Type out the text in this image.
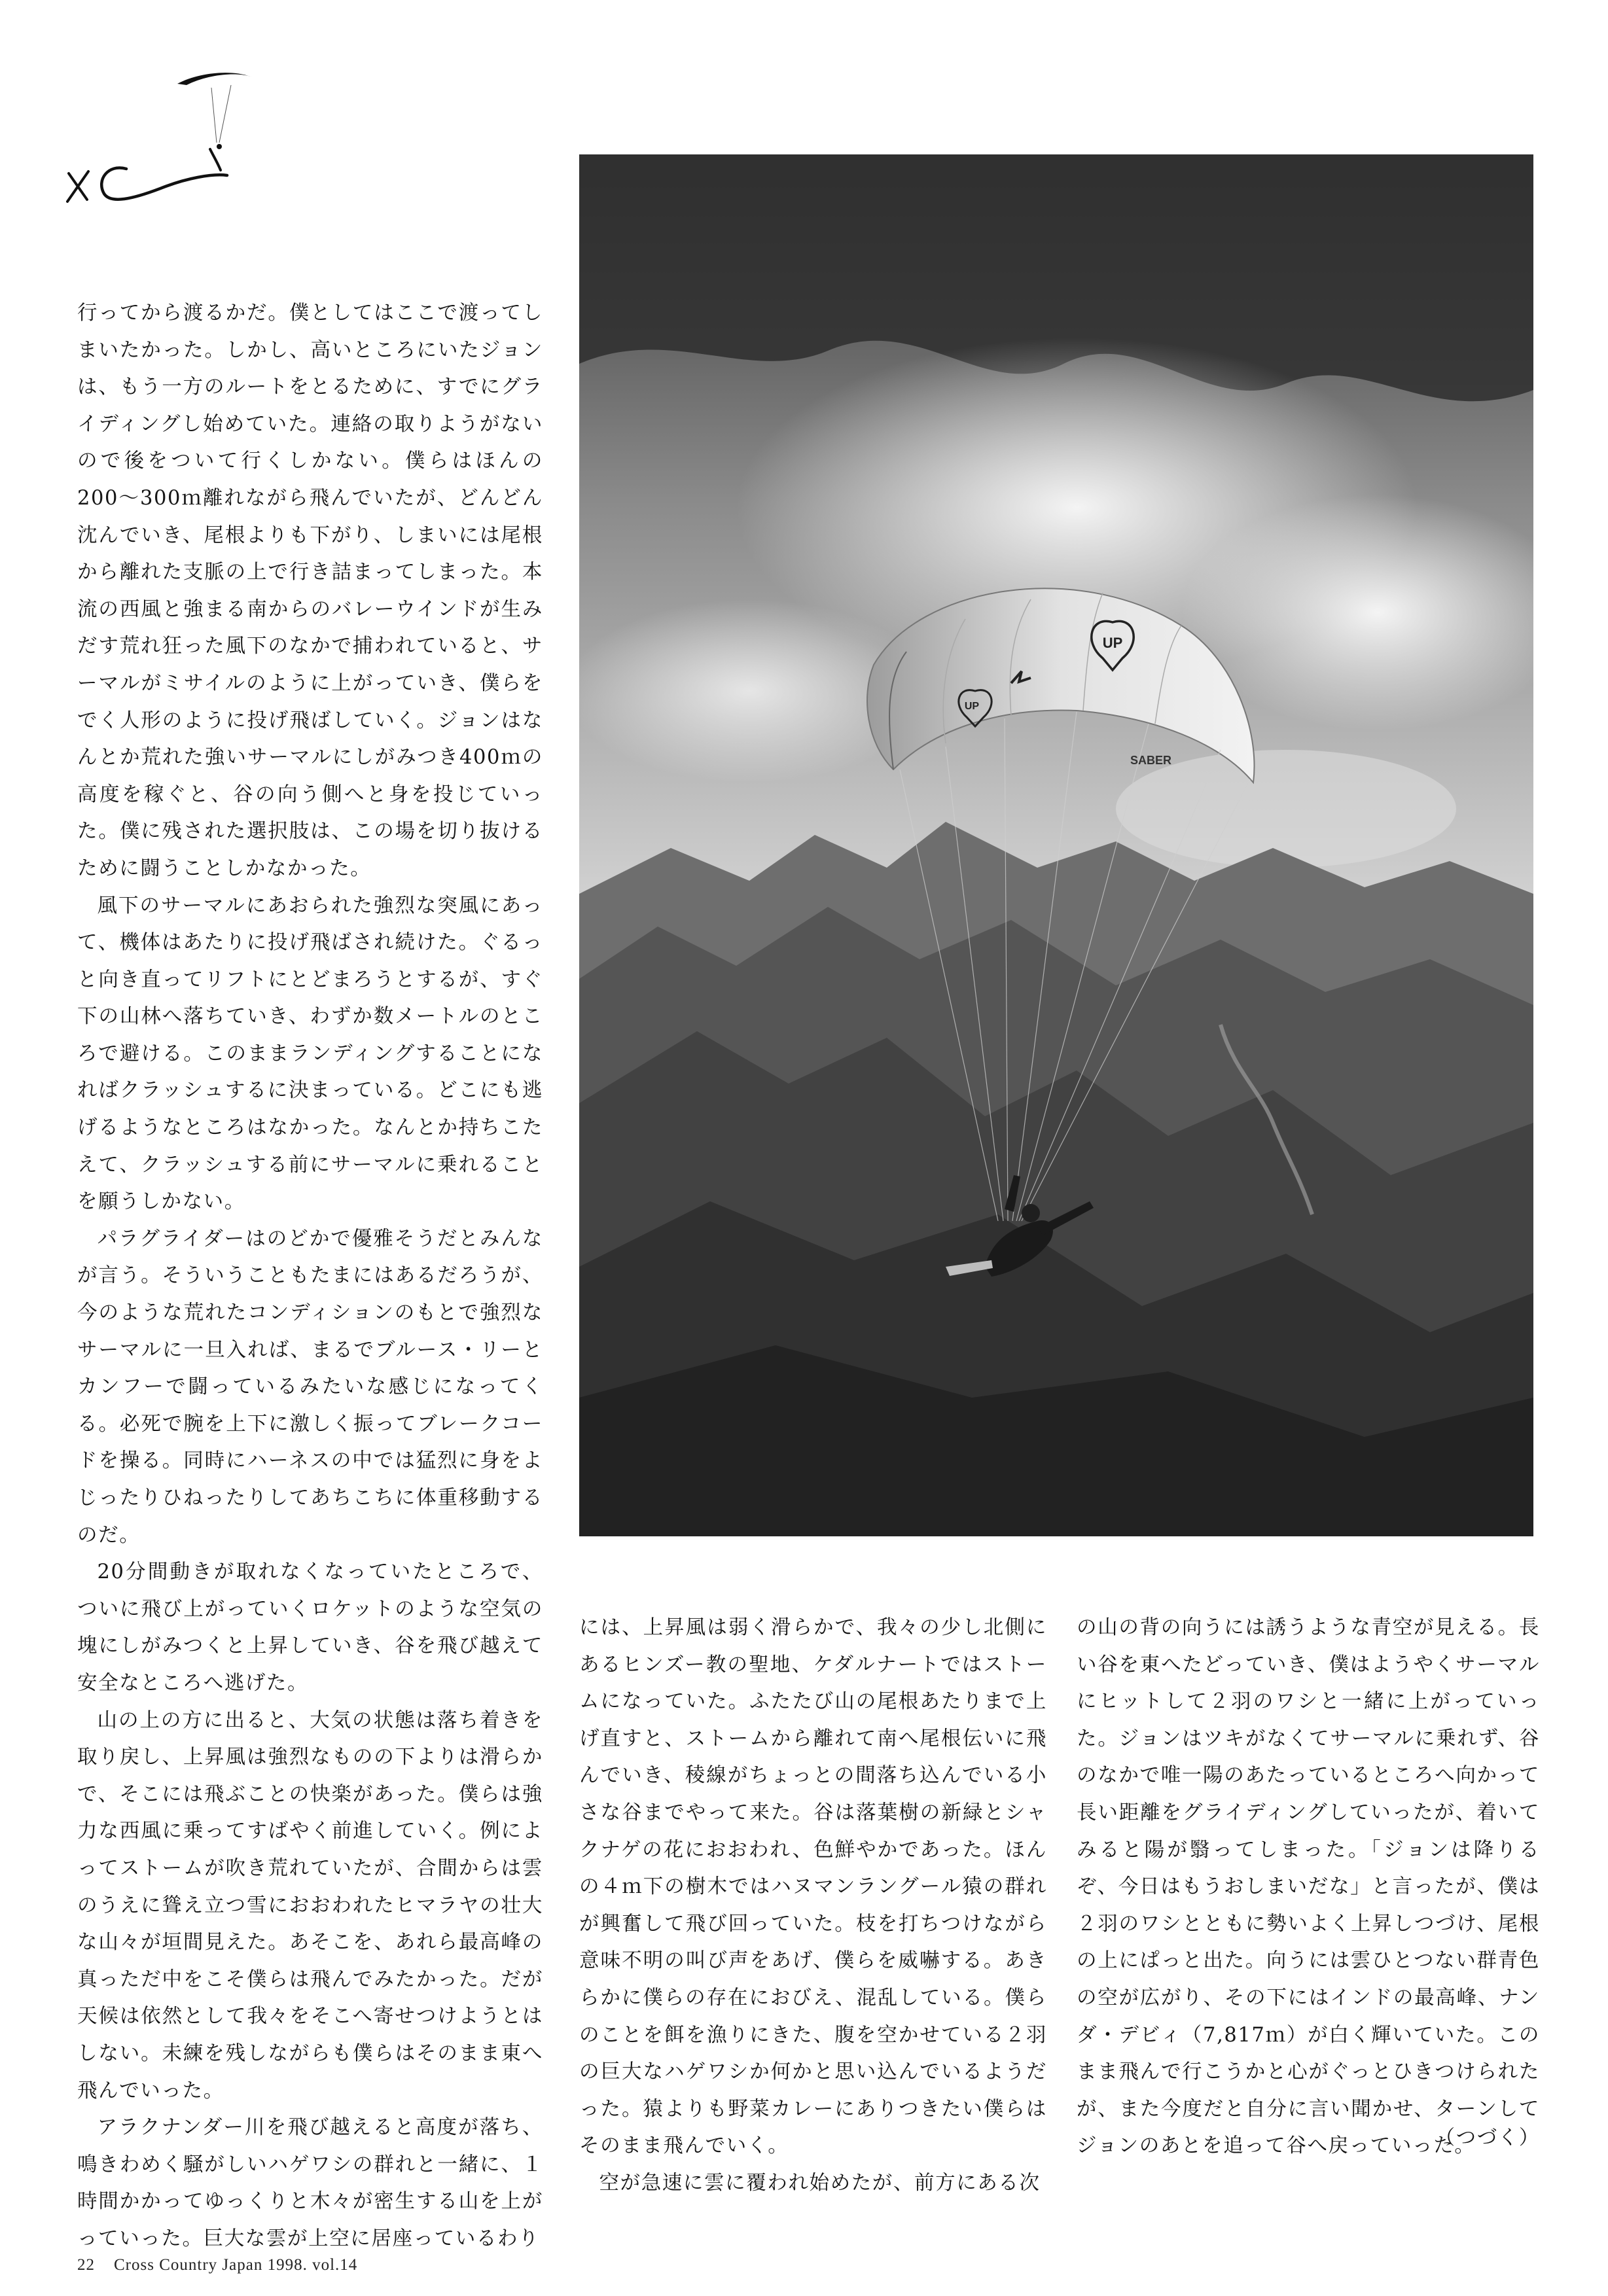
UP
UP
SABER

行ってから渡るかだ。僕としてはここで渡ってしまいたかった。しかし、高いところにいたジョンは、もう一方のルートをとるために、すでにグライディングし始めていた。連絡の取りようがないので後をついて行くしかない。僕らはほんの200〜300ｍ離れながら飛んでいたが、どんどん沈んでいき、尾根よりも下がり、しまいには尾根から離れた支脈の上で行き詰まってしまった。本流の西風と強まる南からのバレーウインドが生みだす荒れ狂った風下のなかで捕われていると、サーマルがミサイルのように上がっていき、僕らをでく人形のように投げ飛ばしていく。ジョンはなんとか荒れた強いサーマルにしがみつき400ｍの高度を稼ぐと、谷の向う側へと身を投じていった。僕に残された選択肢は、この場を切り抜けるために闘うことしかなかった。

風下のサーマルにあおられた強烈な突風にあって、機体はあたりに投げ飛ばされ続けた。ぐるっと向き直ってリフトにとどまろうとするが、すぐ下の山林へ落ちていき、わずか数メートルのところで避ける。このままランディングすることになればクラッシュするに決まっている。どこにも逃げるようなところはなかった。なんとか持ちこたえて、クラッシュする前にサーマルに乗れることを願うしかない。

パラグライダーはのどかで優雅そうだとみんなが言う。そういうこともたまにはあるだろうが、今のような荒れたコンディションのもとで強烈なサーマルに一旦入れば、まるでブルース・リーとカンフーで闘っているみたいな感じになってくる。必死で腕を上下に激しく振ってブレークコードを操る。同時にハーネスの中では猛烈に身をよじったりひねったりしてあちこちに体重移動するのだ。

20分間動きが取れなくなっていたところで、ついに飛び上がっていくロケットのような空気の塊にしがみつくと上昇していき、谷を飛び越えて安全なところへ逃げた。

山の上の方に出ると、大気の状態は落ち着きを取り戻し、上昇風は強烈なものの下よりは滑らかで、そこには飛ぶことの快楽があった。僕らは強力な西風に乗ってすばやく前進していく。例によってストームが吹き荒れていたが、合間からは雲のうえに聳え立つ雪におおわれたヒマラヤの壮大な山々が垣間見えた。あそこを、あれら最高峰の真っただ中をこそ僕らは飛んでみたかった。だが天候は依然として我々をそこへ寄せつけようとはしない。未練を残しながらも僕らはそのまま東へ飛んでいった。

アラクナンダー川を飛び越えると高度が落ち、鳴きわめく騒がしいハゲワシの群れと一緒に、１時間かかってゆっくりと木々が密生する山を上がっていった。巨大な雲が上空に居座っているわり

には、上昇風は弱く滑らかで、我々の少し北側にあるヒンズー教の聖地、ケダルナートではストームになっていた。ふたたび山の尾根あたりまで上げ直すと、ストームから離れて南へ尾根伝いに飛んでいき、稜線がちょっとの間落ち込んでいる小さな谷までやって来た。谷は落葉樹の新緑とシャクナゲの花におおわれ、色鮮やかであった。ほんの４ｍ下の樹木ではハヌマンラングール猿の群れが興奮して飛び回っていた。枝を打ちつけながら意味不明の叫び声をあげ、僕らを威嚇する。あきらかに僕らの存在におびえ、混乱している。僕らのことを餌を漁りにきた、腹を空かせている２羽の巨大なハゲワシか何かと思い込んでいるようだった。猿よりも野菜カレーにありつきたい僕らはそのまま飛んでいく。

空が急速に雲に覆われ始めたが、前方にある次

の山の背の向うには誘うような青空が見える。長い谷を東へたどっていき、僕はようやくサーマルにヒットして２羽のワシと一緒に上がっていった。ジョンはツキがなくてサーマルに乗れず、谷のなかで唯一陽のあたっているところへ向かって長い距離をグライディングしていったが、着いてみると陽が翳ってしまった。「ジョンは降りるぞ、今日はもうおしまいだな」と言ったが、僕は２羽のワシとともに勢いよく上昇しつづけ、尾根の上にぱっと出た。向うには雲ひとつない群青色の空が広がり、その下にはインドの最高峰、ナンダ・デビィ（7,817ｍ）が白く輝いていた。このまま飛んで行こうかと心がぐっとひきつけられたが、また今度だと自分に言い聞かせ、ターンしてジョンのあとを追って谷へ戻っていった。

（つづく）
22 Cross Country Japan 1998. vol.14
